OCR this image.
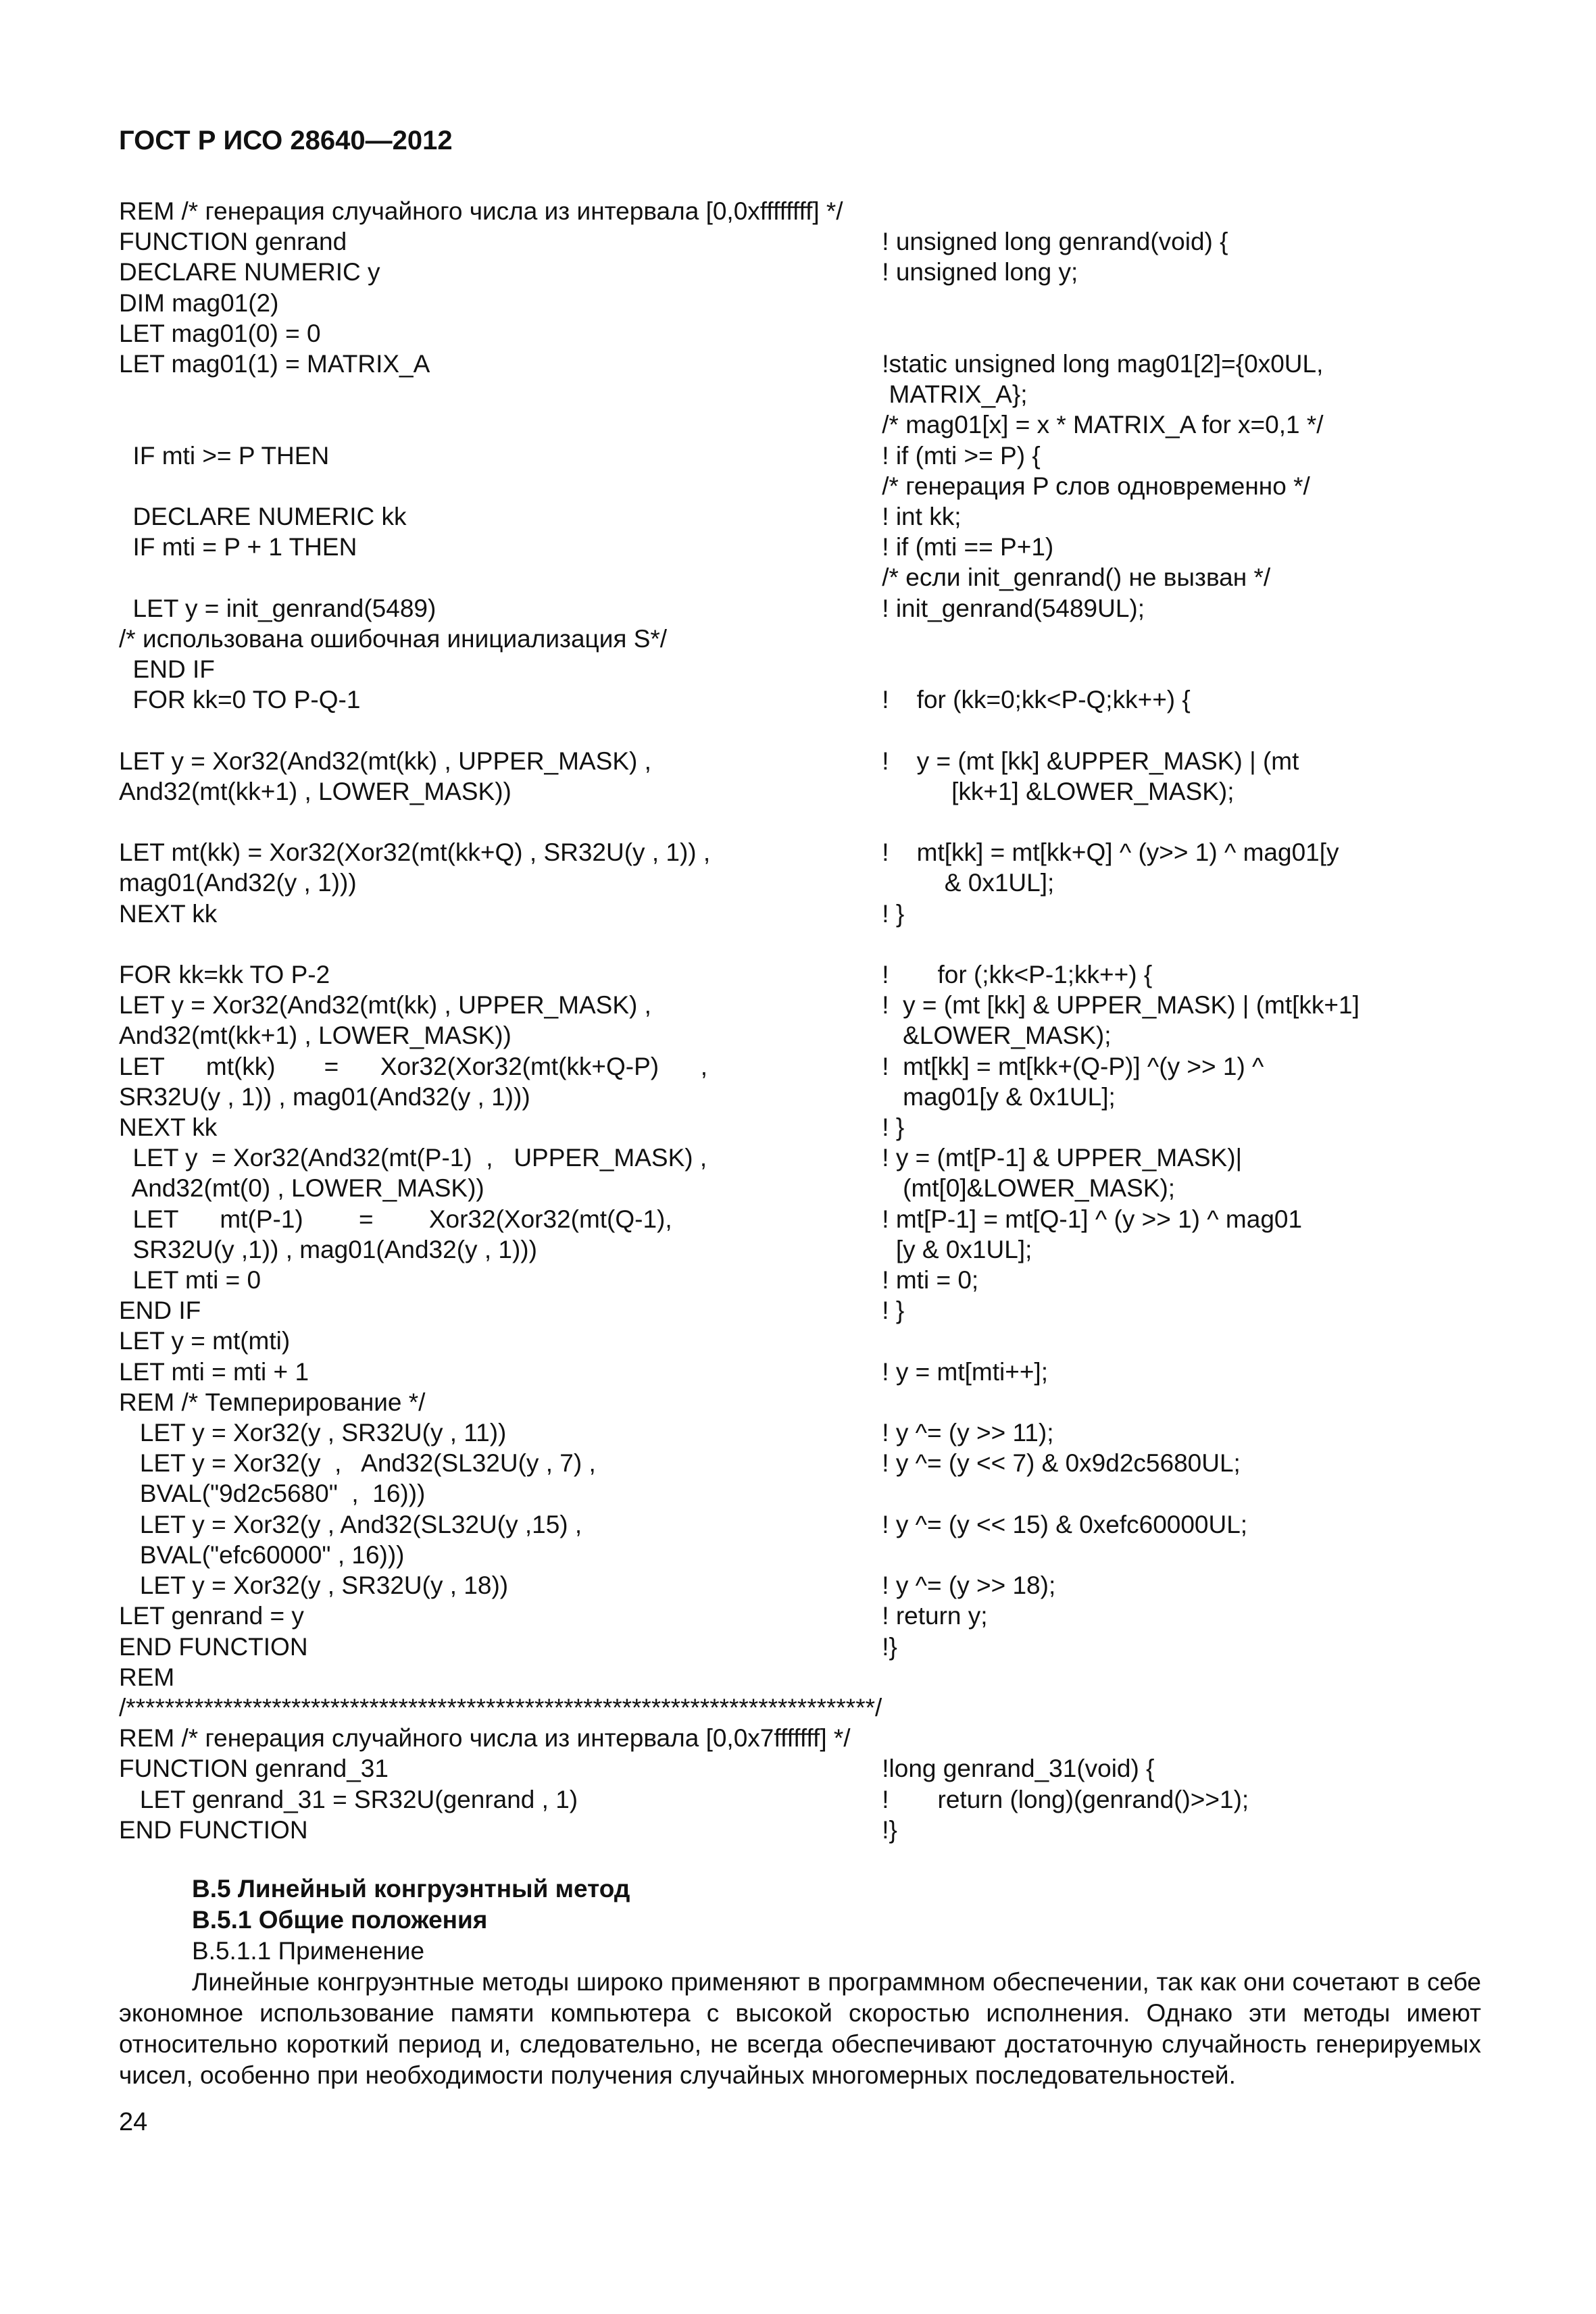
ГОСТ Р ИСО 28640—2012
REM /* генерация случайного числа из интервала [0,0xffffffff] */	
FUNCTION genrand	! unsigned long genrand(void) {
DECLARE NUMERIC y	! unsigned long y;
DIM mag01(2)	
LET mag01(0) = 0	
LET mag01(1) = MATRIX_A	!static unsigned long mag01[2]={0x0UL,
	MATRIX_A};
	/* mag01[x] = x * MATRIX_A for x=0,1 */
IF mti >= P THEN	! if (mti >= P) {
	/* генерация P слов одновременно */
DECLARE NUMERIC kk	! int kk;
IF mti = P + 1 THEN	! if (mti == P+1)
	/* если init_genrand() не вызван */
LET y = init_genrand(5489)	! init_genrand(5489UL);
/* использована ошибочная инициализация S*/	
END IF	
FOR kk=0 TO P-Q-1	!    for (kk=0;kk<P-Q;kk++) {

LET y = Xor32(And32(mt(kk) , UPPER_MASK) ,	!    y = (mt [kk] &UPPER_MASK) | (mt
And32(mt(kk+1) , LOWER_MASK))	[kk+1] &LOWER_MASK);

LET mt(kk) = Xor32(Xor32(mt(kk+Q) , SR32U(y , 1)) ,	!    mt[kk] = mt[kk+Q] ^ (y>> 1) ^ mag01[y
mag01(And32(y , 1)))	& 0x1UL];
NEXT kk	! }

FOR kk=kk TO P-2	!       for (;kk<P-1;kk++) {
LET y = Xor32(And32(mt(kk) , UPPER_MASK) ,	!  y = (mt [kk] & UPPER_MASK) | (mt[kk+1]
And32(mt(kk+1) , LOWER_MASK))	&LOWER_MASK);
LET      mt(kk)       =      Xor32(Xor32(mt(kk+Q-P)      ,	!  mt[kk] = mt[kk+(Q-P)] ^(y >> 1) ^
SR32U(y , 1)) , mag01(And32(y , 1)))	mag01[y & 0x1UL];
NEXT kk	! }
LET y  = Xor32(And32(mt(P-1)  ,   UPPER_MASK) ,	! y = (mt[P-1] & UPPER_MASK)|
And32(mt(0) , LOWER_MASK))	(mt[0]&LOWER_MASK);
LET      mt(P-1)        =        Xor32(Xor32(mt(Q-1),	! mt[P-1] = mt[Q-1] ^ (y >> 1) ^ mag01
SR32U(y ,1)) , mag01(And32(y , 1)))	[y & 0x1UL];
LET mti = 0	! mti = 0;
END IF	! }
LET y = mt(mti)	
LET mti = mti + 1	! y = mt[mti++];
REM /* Темперирование */	
LET y = Xor32(y , SR32U(y , 11))	! y ^= (y >> 11);
LET y = Xor32(y  ,   And32(SL32U(y , 7) ,	! y ^= (y << 7) & 0x9d2c5680UL;
BVAL("9d2c5680"  ,  16)))	
LET y = Xor32(y , And32(SL32U(y ,15) ,	! y ^= (y << 15) & 0xefc60000UL;
BVAL("efc60000" , 16)))	
LET y = Xor32(y , SR32U(y , 18))	! y ^= (y >> 18);
LET genrand = y	! return y;
END FUNCTION	!}
REM	
/*****************************************************************************/	
REM /* генерация случайного числа из интервала [0,0x7fffffff] */	
FUNCTION genrand_31	!long genrand_31(void) {
LET genrand_31 = SR32U(genrand , 1)	!       return (long)(genrand()>>1);
END FUNCTION	!}
В.5 Линейный конгруэнтный метод
В.5.1 Общие положения
В.5.1.1 Применение
Линейные конгруэнтные методы широко применяют в программном обеспечении, так как они сочетают в себе экономное использование памяти компьютера с высокой скоростью исполнения. Однако эти методы имеют относительно короткий период и, следовательно, не всегда обеспечивают достаточную случайность генерируемых чисел, особенно при необходимости получения случайных многомерных последовательностей.
24
